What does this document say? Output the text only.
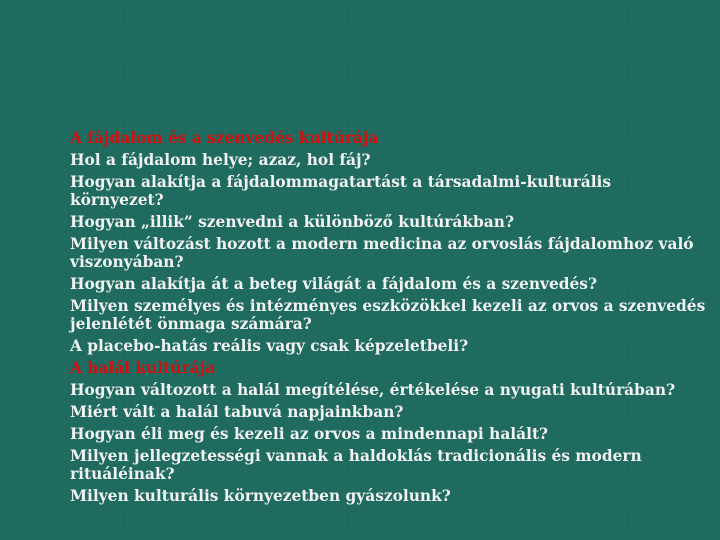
A fájdalom és a szenvedés kultúrája
Hol a fájdalom helye; azaz, hol fáj?
Hogyan alakítja a fájdalommagatartást a társadalmi-kulturális környezet?
Hogyan „illik” szenvedni a különböző kultúrákban?
Milyen változást hozott a modern medicina az orvoslás fájdalomhoz való viszonyában?
Hogyan alakítja át a beteg világát a fájdalom és a szenvedés?
Milyen személyes és intézményes eszközökkel kezeli az orvos a szenvedés jelenlétét önmaga számára?
A placebo-hatás reális vagy csak képzeletbeli?
A halál kultúrája
Hogyan változott a halál megítélése, értékelése a nyugati kultúrában?
Miért vált a halál tabuvá napjainkban?
Hogyan éli meg és kezeli az orvos a mindennapi halált?
Milyen jellegzetességi vannak a haldoklás tradicionális és modern rituáléinak?
Milyen kulturális környezetben gyászolunk?
